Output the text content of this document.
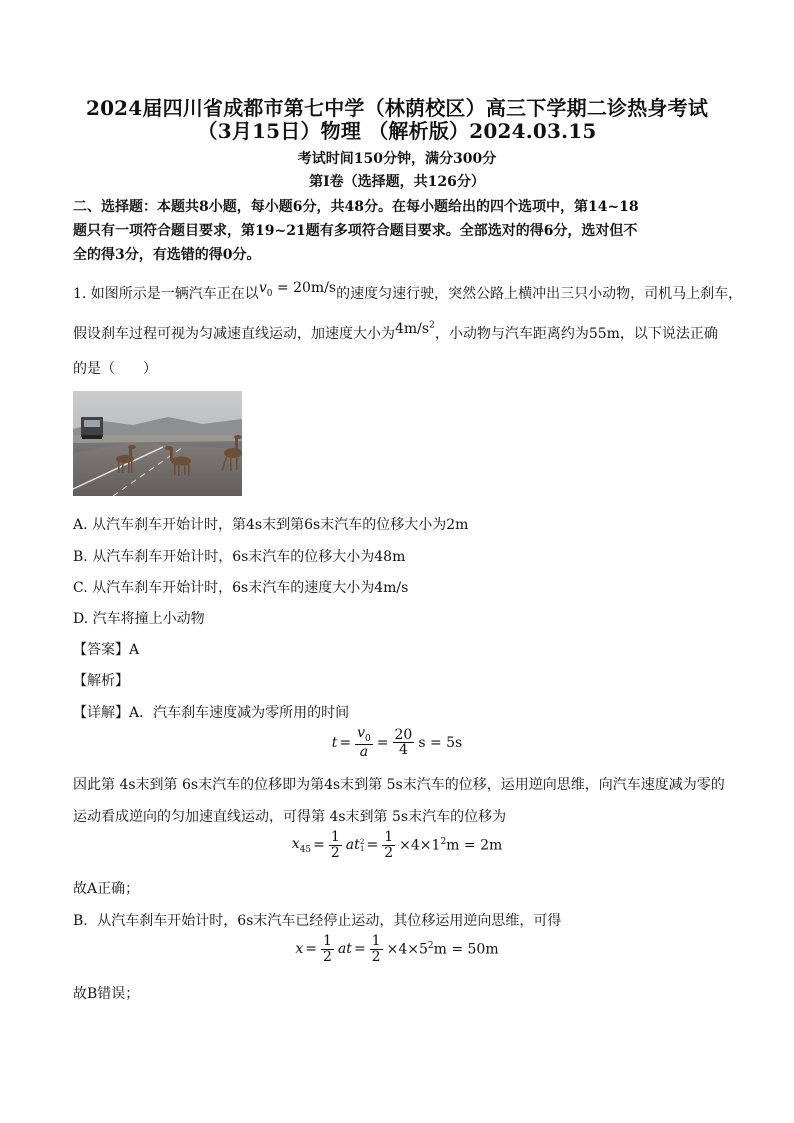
2024届四川省成都市第七中学（林荫校区）高三下学期二诊热身考试
（3月15日）物理 （解析版）2024.03.15
考试时间150分钟，满分300分
第Ⅰ卷（选择题，共126分）
二、选择题：本题共8小题，每小题6分，共48分。在每小题给出的四个选项中，第14~18
题只有一项符合题目要求，第19~21题有多项符合题目要求。全部选对的得6分，选对但不
全的得3分，有选错的得0分。
1. 如图所示是一辆汽车正在以$v_0 = 20m/s$的速度匀速行驶，突然公路上横冲出三只小动物，司机马上刹车，
假设刹车过程可视为匀减速直线运动，加速度大小为$4m/s^2$，小动物与汽车距离约为55m，以下说法正确
的是（　　）
A. 从汽车刹车开始计时，第4s末到第6s末汽车的位移大小为2m
B. 从汽车刹车开始计时，6s末汽车的位移大小为48m
C. 从汽车刹车开始计时，6s末汽车的速度大小为4m/s
D. 汽车将撞上小动物
【答案】A
【解析】
【详解】A．汽车刹车速度减为零所用的时间
$t = \frac{v_0}{a} = \frac{20}{4}$ s = 5s
因此第 4s末到第 6s末汽车的位移即为第4s末到第 5s末汽车的位移，运用逆向思维，向汽车速度减为零的
运动看成逆向的匀加速直线运动，可得第 4s末到第 5s末汽车的位移为
$x_{45} = \frac{1}{2}$ at 2
$1 = \frac{1}{2} \times 4\times 1^2m = 2m$
故A正确；
B．从汽车刹车开始计时，6s末汽车已经停止运动，其位移运用逆向思维，可得
$x = \frac{1}{2}$ at = $\frac{1}{2} \times 4\times 5^2m = 50m$
故B错误；
